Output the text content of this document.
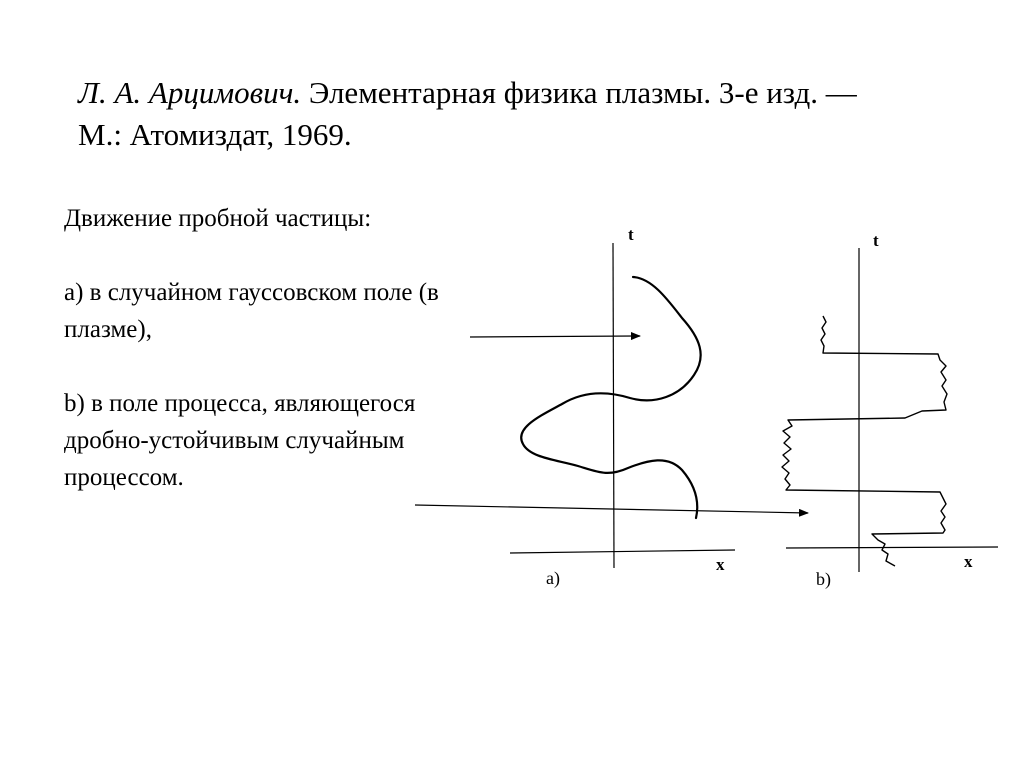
Л. А. Арцимович. Элементарная физика плазмы. 3-е изд. — М.: Атомиздат, 1969.

Движение пробной частицы:

a) в случайном гауссовском поле (в плазме),

b) в поле процесса, являющегося дробно-устойчивым случайным процессом.

t
x
a)
t
x
b)
